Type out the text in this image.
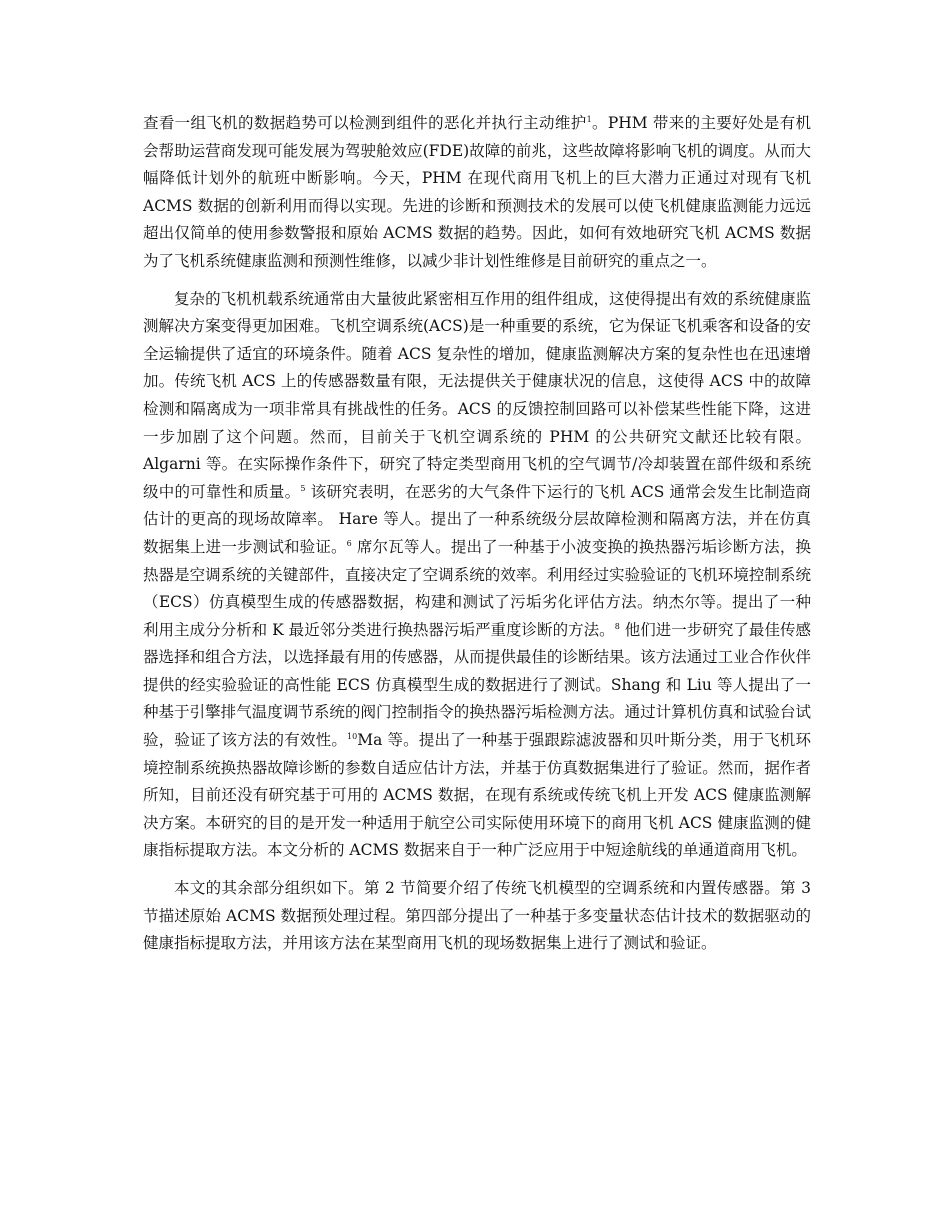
查看一组飞机的数据趋势可以检测到组件的恶化并执行主动维护$^1$。PHM 带来的主要好处是有机会帮助运营商发现可能发展为驾驶舱效应(FDE)故障的前兆，这些故障将影响飞机的调度。从而大幅降低计划外的航班中断影响。今天，PHM 在现代商用飞机上的巨大潜力正通过对现有飞机 ACMS 数据的创新利用而得以实现。先进的诊断和预测技术的发展可以使飞机健康监测能力远远超出仅简单的使用参数警报和原始 ACMS 数据的趋势。因此，如何有效地研究飞机 ACMS 数据为了飞机系统健康监测和预测性维修，以减少非计划性维修是目前研究的重点之一。

复杂的飞机机载系统通常由大量彼此紧密相互作用的组件组成，这使得提出有效的系统健康监测解决方案变得更加困难。飞机空调系统(ACS)是一种重要的系统，它为保证飞机乘客和设备的安全运输提供了适宜的环境条件。随着 ACS 复杂性的增加，健康监测解决方案的复杂性也在迅速增加。传统飞机 ACS 上的传感器数量有限，无法提供关于健康状况的信息，这使得 ACS 中的故障检测和隔离成为一项非常具有挑战性的任务。ACS 的反馈控制回路可以补偿某些性能下降，这进一步加剧了这个问题。然而，目前关于飞机空调系统的 PHM 的公共研究文献还比较有限。Algarni 等。在实际操作条件下，研究了特定类型商用飞机的空气调节/冷却装置在部件级和系统级中的可靠性和质量。$^5$ 该研究表明，在恶劣的大气条件下运行的飞机 ACS 通常会发生比制造商估计的更高的现场故障率。 Hare 等人。提出了一种系统级分层故障检测和隔离方法，并在仿真数据集上进一步测试和验证。$^6$ 席尔瓦等人。提出了一种基于小波变换的换热器污垢诊断方法，换热器是空调系统的关键部件，直接决定了空调系统的效率。利用经过实验验证的飞机环境控制系统（ECS）仿真模型生成的传感器数据，构建和测试了污垢劣化评估方法。纳杰尔等。提出了一种利用主成分分析和 K 最近邻分类进行换热器污垢严重度诊断的方法。$^8$ 他们进一步研究了最佳传感器选择和组合方法，以选择最有用的传感器，从而提供最佳的诊断结果。该方法通过工业合作伙伴提供的经实验验证的高性能 ECS 仿真模型生成的数据进行了测试。Shang 和 Liu 等人提出了一种基于引擎排气温度调节系统的阀门控制指令的换热器污垢检测方法。通过计算机仿真和试验台试验，验证了该方法的有效性。$^{10}$Ma 等。提出了一种基于强跟踪滤波器和贝叶斯分类，用于飞机环境控制系统换热器故障诊断的参数自适应估计方法，并基于仿真数据集进行了验证。然而，据作者所知，目前还没有研究基于可用的 ACMS 数据，在现有系统或传统飞机上开发 ACS 健康监测解决方案。本研究的目的是开发一种适用于航空公司实际使用环境下的商用飞机 ACS 健康监测的健康指标提取方法。本文分析的 ACMS 数据来自于一种广泛应用于中短途航线的单通道商用飞机。

本文的其余部分组织如下。第 2 节简要介绍了传统飞机模型的空调系统和内置传感器。第 3 节描述原始 ACMS 数据预处理过程。第四部分提出了一种基于多变量状态估计技术的数据驱动的健康指标提取方法，并用该方法在某型商用飞机的现场数据集上进行了测试和验证。
